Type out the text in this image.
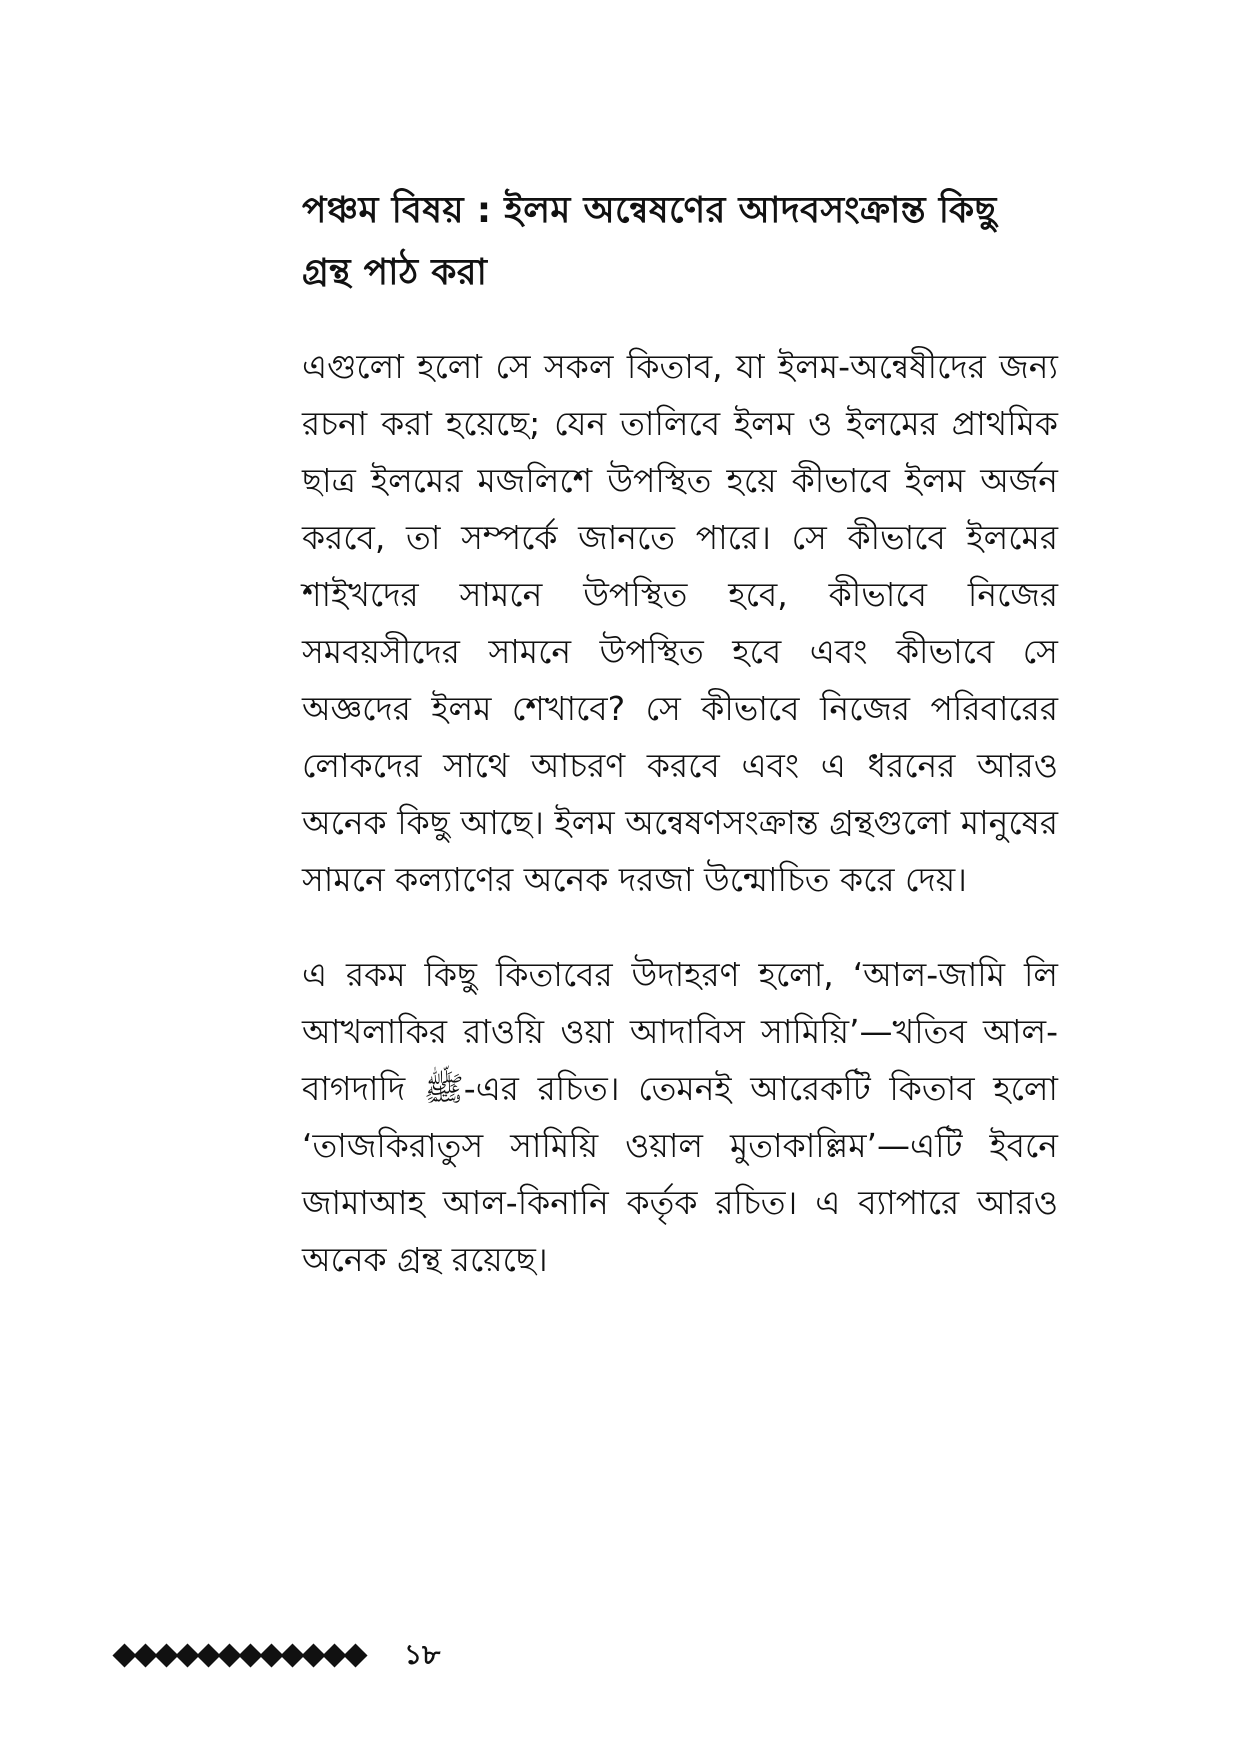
পঞ্চম বিষয় : ইলম অন্বেষণের আদবসংক্রান্ত কিছু গ্রন্থ পাঠ করা

এগুলো হলো সে সকল কিতাব, যা ইলম-অন্বেষীদের জন্য রচনা করা হয়েছে; যেন তালিবে ইলম ও ইলমের প্রাথমিক ছাত্র ইলমের মজলিশে উপস্থিত হয়ে কীভাবে ইলম অর্জন করবে, তা সম্পর্কে জানতে পারে। সে কীভাবে ইলমের শাইখদের সামনে উপস্থিত হবে, কীভাবে নিজের সমবয়সীদের সামনে উপস্থিত হবে এবং কীভাবে সে অজ্ঞদের ইলম শেখাবে? সে কীভাবে নিজের পরিবারের লোকদের সাথে আচরণ করবে এবং এ ধরনের আরও অনেক কিছু আছে। ইলম অন্বেষণসংক্রান্ত গ্রন্থগুলো মানুষের সামনে কল্যাণের অনেক দরজা উন্মোচিত করে দেয়।

এ রকম কিছু কিতাবের উদাহরণ হলো, ‘আল-জামি লি আখলাকির রাওয়ি ওয়া আদাবিস সামিয়ি’—খতিব আল-বাগদাদি ﷺ-এর রচিত। তেমনই আরেকটি কিতাব হলো ‘তাজকিরাতুস সামিয়ি ওয়াল মুতাকাল্লিম’—এটি ইবনে জামাআহ আল-কিনানি কর্তৃক রচিত। এ ব্যাপারে আরও অনেক গ্রন্থ রয়েছে।

১৮
